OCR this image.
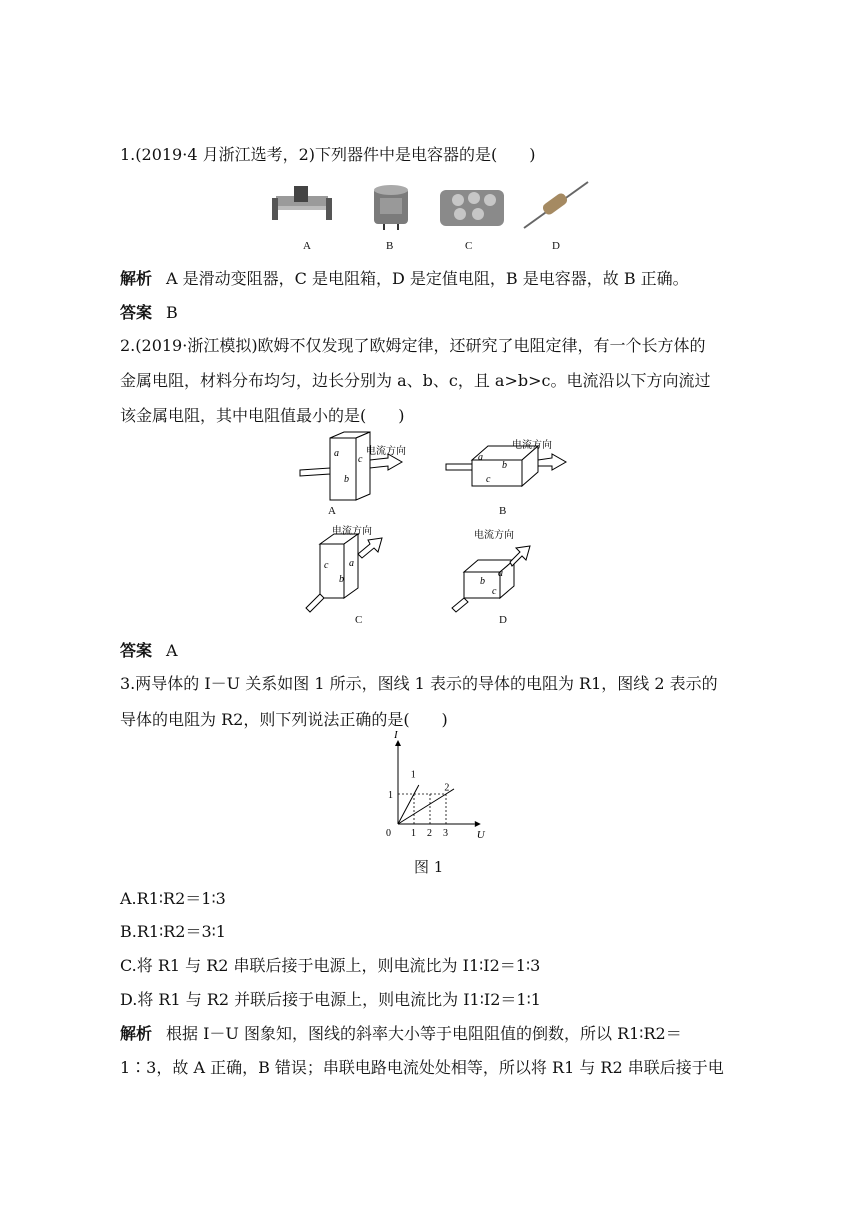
1.(2019·4 月浙江选考，2)下列器件中是电容器的是(　　)
A	B	C	D
解析 A 是滑动变阻器，C 是电阻箱，D 是定值电阻，B 是电容器，故 B 正确。
答案 B
2.(2019·浙江模拟)欧姆不仅发现了欧姆定律，还研究了电阻定律，有一个长方体的
金属电阻，材料分布均匀，边长分别为 a、b、c，且 a>b>c。电流沿以下方向流过
该金属电阻，其中电阻值最小的是(　　)
a
b
c
电流方向
a
b
c
电流方向
c a
b
电流方向
b
a
c
电流方向
A	B
C	D
答案 A
3.两导体的 I－U 关系如图 1 所示，图线 1 表示的导体的电阻为 R1，图线 2 表示的
导体的电阻为 R2，则下列说法正确的是(　　)
1 2 3
1
1
2
I
U
0
图 1
A.R1∶R2＝1∶3
B.R1∶R2＝3∶1
C.将 R1 与 R2 串联后接于电源上，则电流比为 I1∶I2＝1∶3
D.将 R1 与 R2 并联后接于电源上，则电流比为 I1∶I2＝1∶1
解析 根据 I－U 图象知，图线的斜率大小等于电阻阻值的倒数，所以 R1∶R2＝
1∶3，故 A 正确，B 错误；串联电路电流处处相等，所以将 R1 与 R2 串联后接于电
